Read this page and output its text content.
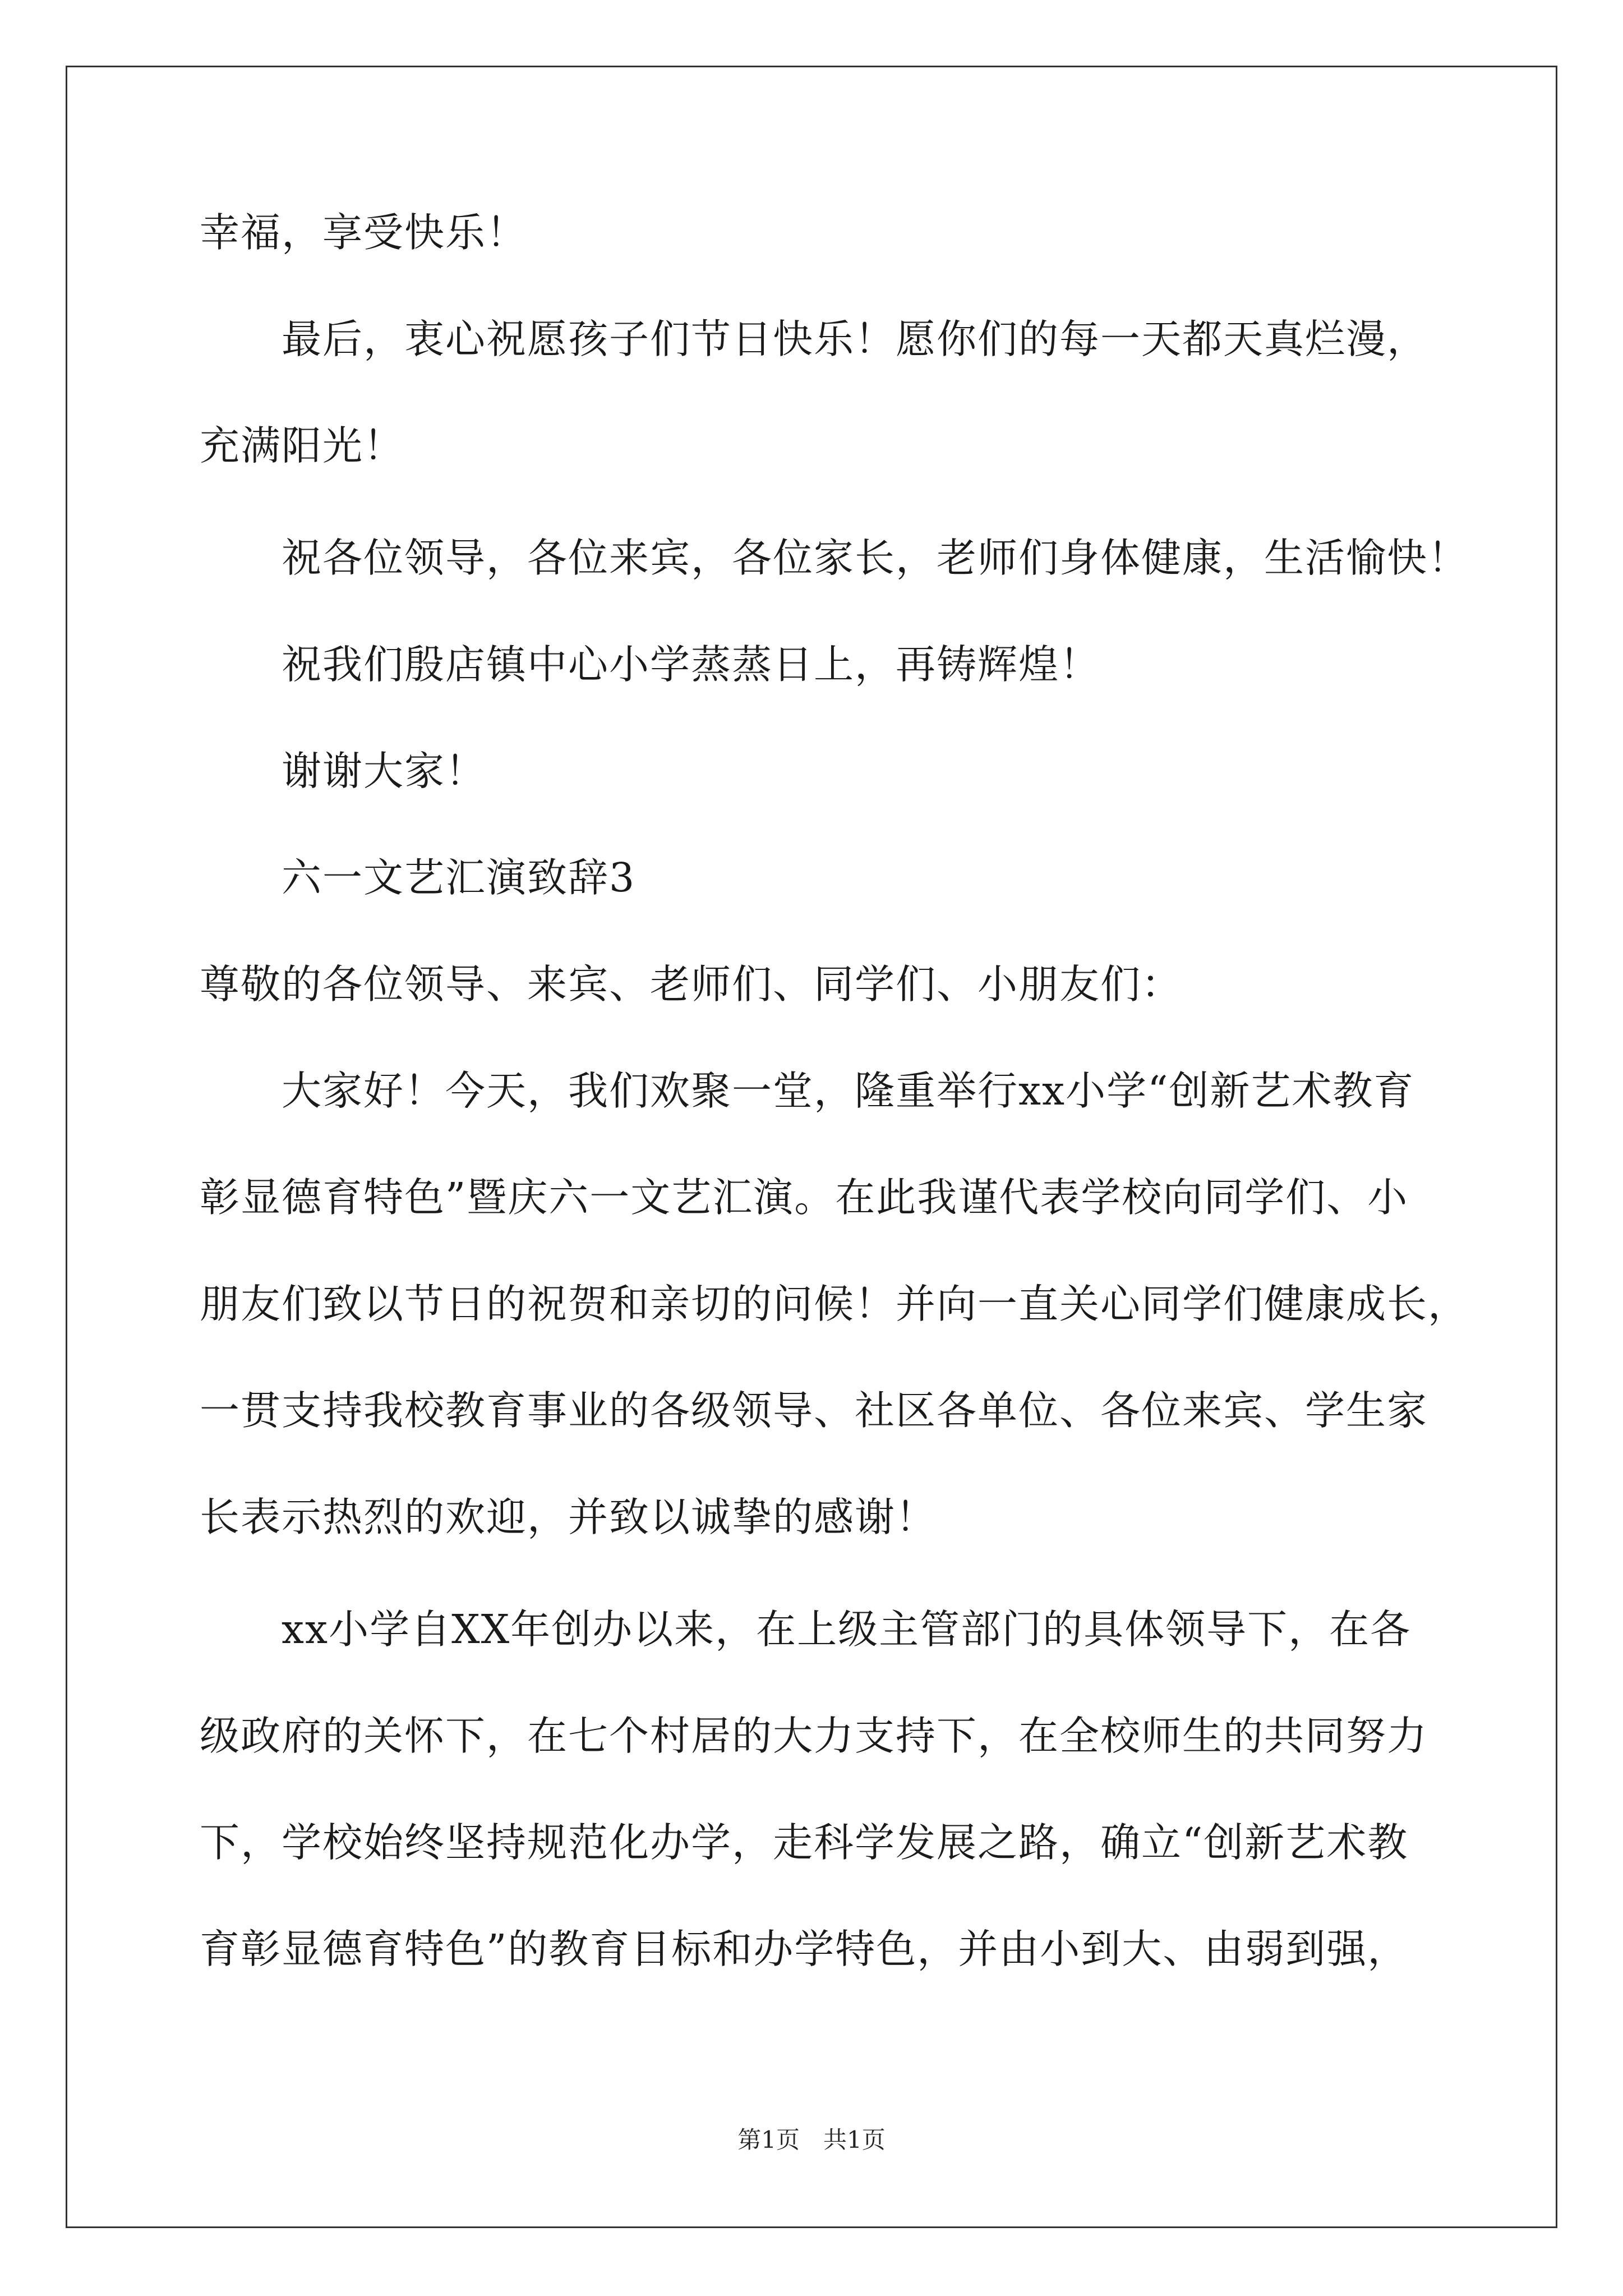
幸福，享受快乐！
最后，衷心祝愿孩子们节日快乐！愿你们的每一天都天真烂漫，
充满阳光！
祝各位领导，各位来宾，各位家长，老师们身体健康，生活愉快！
祝我们殷店镇中心小学蒸蒸日上，再铸辉煌！
谢谢大家！
六一文艺汇演致辞3
尊敬的各位领导、来宾、老师们、同学们、小朋友们：
大家好！今天，我们欢聚一堂，隆重举行xx小学“创新艺术教育
彰显德育特色”暨庆六一文艺汇演。在此我谨代表学校向同学们、小
朋友们致以节日的祝贺和亲切的问候！并向一直关心同学们健康成长，
一贯支持我校教育事业的各级领导、社区各单位、各位来宾、学生家
长表示热烈的欢迎，并致以诚挚的感谢！
xx小学自XX年创办以来，在上级主管部门的具体领导下，在各
级政府的关怀下，在七个村居的大力支持下，在全校师生的共同努力
下，学校始终坚持规范化办学，走科学发展之路，确立“创新艺术教
育彰显德育特色”的教育目标和办学特色，并由小到大、由弱到强，
第1页　共1页
